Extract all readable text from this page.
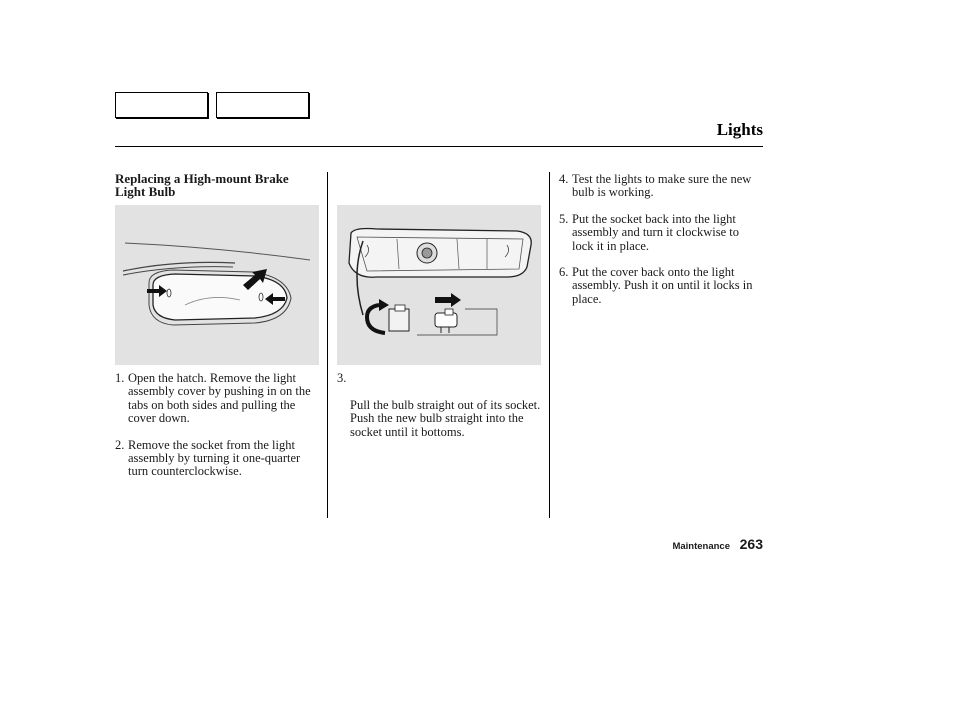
Lights
Replacing a High-mount Brake Light Bulb
1. Open the hatch. Remove the light assembly cover by pushing in on the tabs on both sides and pulling the cover down.
2. Remove the socket from the light assembly by turning it one-quarter turn counterclockwise.

3.

Pull the bulb straight out of its socket.
Push the new bulb straight into the socket until it bottoms.

4. Test the lights to make sure the new bulb is working.
5. Put the socket back into the light assembly and turn it clockwise to lock it in place.
6. Put the cover back onto the light assembly. Push it on until it locks in place.
Maintenance 263
